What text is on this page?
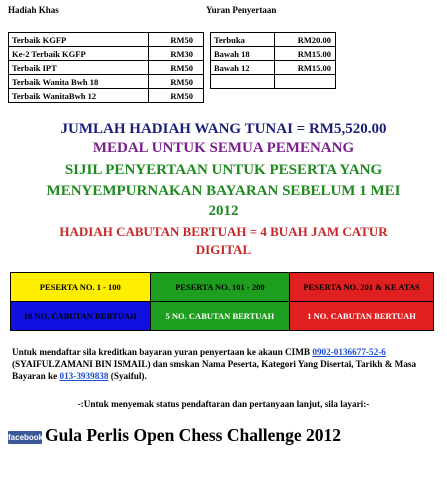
Hadiah Khas	Yuran Penyertaan
Terbaik KGFP	RM50
Ke-2 Terbaik KGFP	RM30
Terbaik IPT	RM50
Terbaik Wanita Bwh 18	RM50
Terbaik WanitaBwh 12	RM50
Terbuka	RM20.00
Bawah 18	RM15.00
Bawah 12	RM15.00

JUMLAH HADIAH WANG TUNAI = RM5,520.00
MEDAL UNTUK SEMUA PEMENANG
SIJIL PENYERTAAN UNTUK PESERTA YANG
MENYEMPURNAKAN BAYARAN SEBELUM 1 MEI
2012
HADIAH CABUTAN BERTUAH = 4 BUAH JAM CATUR
DIGITAL
PESERTA NO. 1 - 100	PESERTA NO. 101 - 200	PESERTA NO. 201 & KE ATAS
10 NO. CABUTAN BERTUAH	5 NO. CABUTAN BERTUAH	1 NO. CABUTAN BERTUAH
Untuk mendaftar sila kreditkan bayaran yuran penyertaan ke akaun CIMB 0902-0136677-52-6 (SYAIFULZAMANI BIN ISMAIL) dan smskan Nama Peserta, Kategori Yang Disertai, Tarikh & Masa Bayaran ke 013-3939838 (Syaiful).
-:Untuk menyemak status pendaftaran dan pertanyaan lanjut, sila layari:-
facebook Gula Perlis Open Chess Challenge 2012
